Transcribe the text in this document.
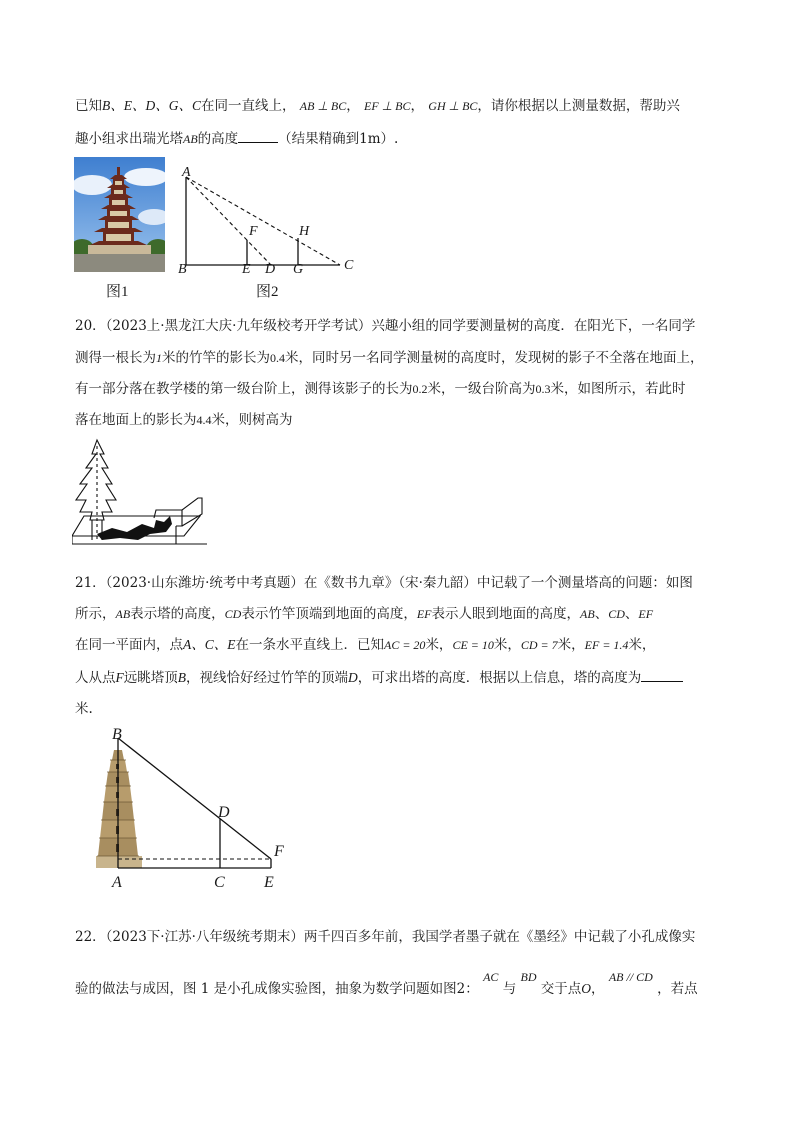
已知B、E、D、G、C在同一直线上， AB ⊥ BC， EF ⊥ BC， GH ⊥ BC，请你根据以上测量数据，帮助兴
趣小组求出瑞光塔AB的高度	（结果精确到1m）.
图1
A
F	H
B	E D G	C
图2
20．（2023上·黑龙江大庆·九年级校考开学考试）兴趣小组的同学要测量树的高度．在阳光下，一名同学
测得一根长为1米的竹竿的影长为0.4米，同时另一名同学测量树的高度时，发现树的影子不全落在地面上，
有一部分落在教学楼的第一级台阶上，测得该影子的长为0.2米，一级台阶高为0.3米，如图所示，若此时
落在地面上的影长为4.4米，则树高为
21．（2023·山东潍坊·统考中考真题）在《数书九章》（宋·秦九韶）中记载了一个测量塔高的问题：如图
所示，AB表示塔的高度，CD表示竹竿顶端到地面的高度，EF表示人眼到地面的高度，AB、CD、EF
在同一平面内，点A、C、E在一条水平直线上．已知AC = 20米，CE = 10米，CD = 7米，EF = 1.4米，
人从点F远眺塔顶B，视线恰好经过竹竿的顶端D，可求出塔的高度．根据以上信息，塔的高度为
米.
B
D
F
A	C E
22．（2023下·江苏·八年级统考期末）两千四百多年前，我国学者墨子就在《墨经》中记载了小孔成像实
验的做法与成因，图 1 是小孔成像实验图，抽象为数学问题如图2： AC 与 BD 交于点O， AB // CD ，若点
